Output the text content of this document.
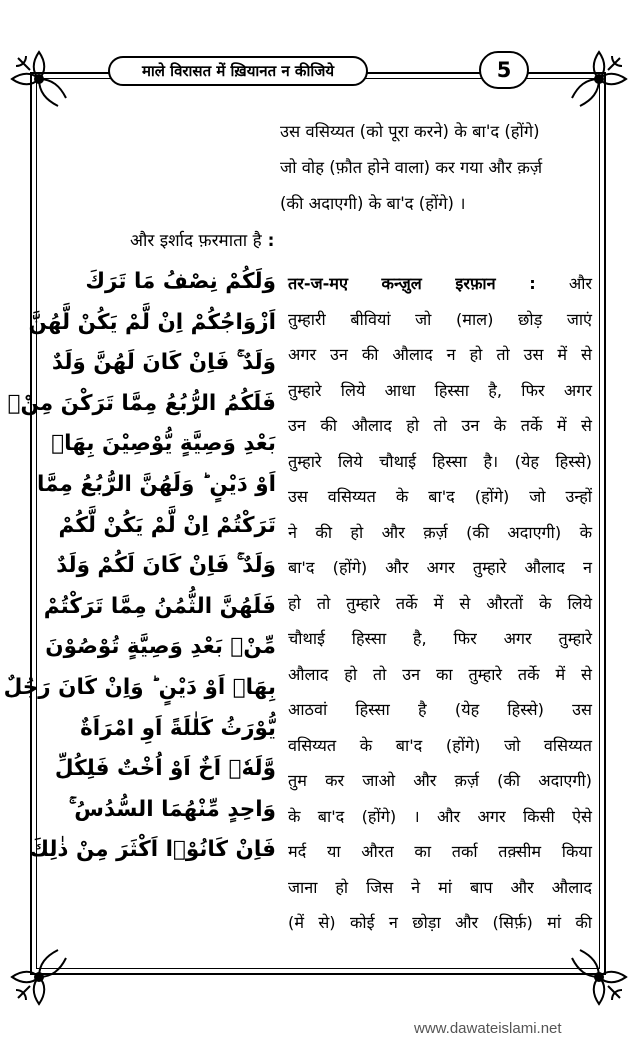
माले विरासत में ख़ियानत न कीजिये	5
उस वसिय्यत (को पूरा करने) के बा'द (होंगे)
जो वोह (फ़ौत होने वाला) कर गया और क़र्ज़
(की अदाएगी) के बा'द (होंगे) ।
और इर्शाद फ़रमाता है :
وَلَكُمْ نِصْفُ مَا تَرَكَ
اَزْوَاجُكُمْ اِنْ لَّمْ يَكُنْ لَّهُنَّ
وَلَدٌ ۚ فَاِنْ كَانَ لَهُنَّ وَلَدٌ
فَلَكُمُ الرُّبُعُ مِمَّا تَرَكْنَ مِنْۢ
بَعْدِ وَصِيَّةٍ يُّوْصِيْنَ بِهَاۤ
اَوْ دَيْنٍ ؕ وَلَهُنَّ الرُّبُعُ مِمَّا
تَرَكْتُمْ اِنْ لَّمْ يَكُنْ لَّكُمْ
وَلَدٌ ۚ فَاِنْ كَانَ لَكُمْ وَلَدٌ
فَلَهُنَّ الثُّمُنُ مِمَّا تَرَكْتُمْ
مِّنْۢ بَعْدِ وَصِيَّةٍ تُوْصُوْنَ
بِهَاۤ اَوْ دَيْنٍ ؕ وَاِنْ كَانَ رَجُلٌ
يُّوْرَثُ كَلٰلَةً اَوِ امْرَاَةٌ
وَّلَهٗۤ اَخٌ اَوْ اُخْتٌ فَلِكُلِّ
وَاحِدٍ مِّنْهُمَا السُّدُسُ ۚ
فَاِنْ كَانُوْۤا اَكْثَرَ مِنْ ذٰلِكَ
तर-ज-मए कन्ज़ुल इरफ़ान : और
तुम्हारी बीवियां जो (माल) छोड़ जाएं
अगर उन की औलाद न हो तो उस में से
तुम्हारे लिये आधा हिस्सा है, फिर अगर
उन की औलाद हो तो उन के तर्के में से
तुम्हारे लिये चौथाई हिस्सा है। (येह हिस्से)
उस वसिय्यत के बा'द (होंगे) जो उन्हों
ने की हो और क़र्ज़ (की अदाएगी) के
बा'द (होंगे) और अगर तुम्हारे औलाद न
हो तो तुम्हारे तर्के में से औरतों के लिये
चौथाई हिस्सा है, फिर अगर तुम्हारे
औलाद हो तो उन का तुम्हारे तर्के में से
आठवां हिस्सा है (येह हिस्से) उस
वसिय्यत के बा'द (होंगे) जो वसिय्यत
तुम कर जाओ और क़र्ज़ (की अदाएगी)
के बा'द (होंगे) । और अगर किसी ऐसे
मर्द या औरत का तर्का तक़्सीम किया
जाना हो जिस ने मां बाप और औलाद
(में से) कोई न छोड़ा और (सिर्फ़) मां की
www.dawateislami.net
